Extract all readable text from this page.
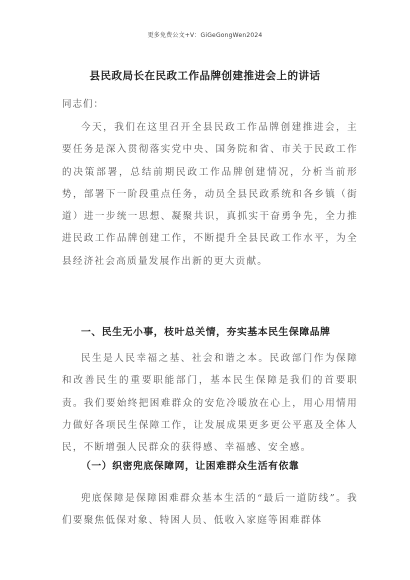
更多免费公文+V：GiGeGongWen2024
县民政局长在民政工作品牌创建推进会上的讲话
同志们：

今天，我们在这里召开全县民政工作品牌创建推进会，主要任务是深入贯彻落实党中央、国务院和省、市关于民政工作的决策部署，总结前期民政工作品牌创建情况，分析当前形势，部署下一阶段重点任务，动员全县民政系统和各乡镇（街道）进一步统一思想、凝聚共识，真抓实干奋勇争先，全力推进民政工作品牌创建工作，不断提升全县民政工作水平，为全县经济社会高质量发展作出新的更大贡献。

一、民生无小事，枝叶总关情，夯实基本民生保障品牌

民生是人民幸福之基、社会和谐之本。民政部门作为保障和改善民生的重要职能部门，基本民生保障是我们的首要职责。我们要始终把困难群众的安危冷暖放在心上，用心用情用力做好各项民生保障工作，让发展成果更多更公平惠及全体人民，不断增强人民群众的获得感、幸福感、安全感。

（一）织密兜底保障网，让困难群众生活有依靠

兜底保障是保障困难群众基本生活的“最后一道防线”。我们要聚焦低保对象、特困人员、低收入家庭等困难群体
